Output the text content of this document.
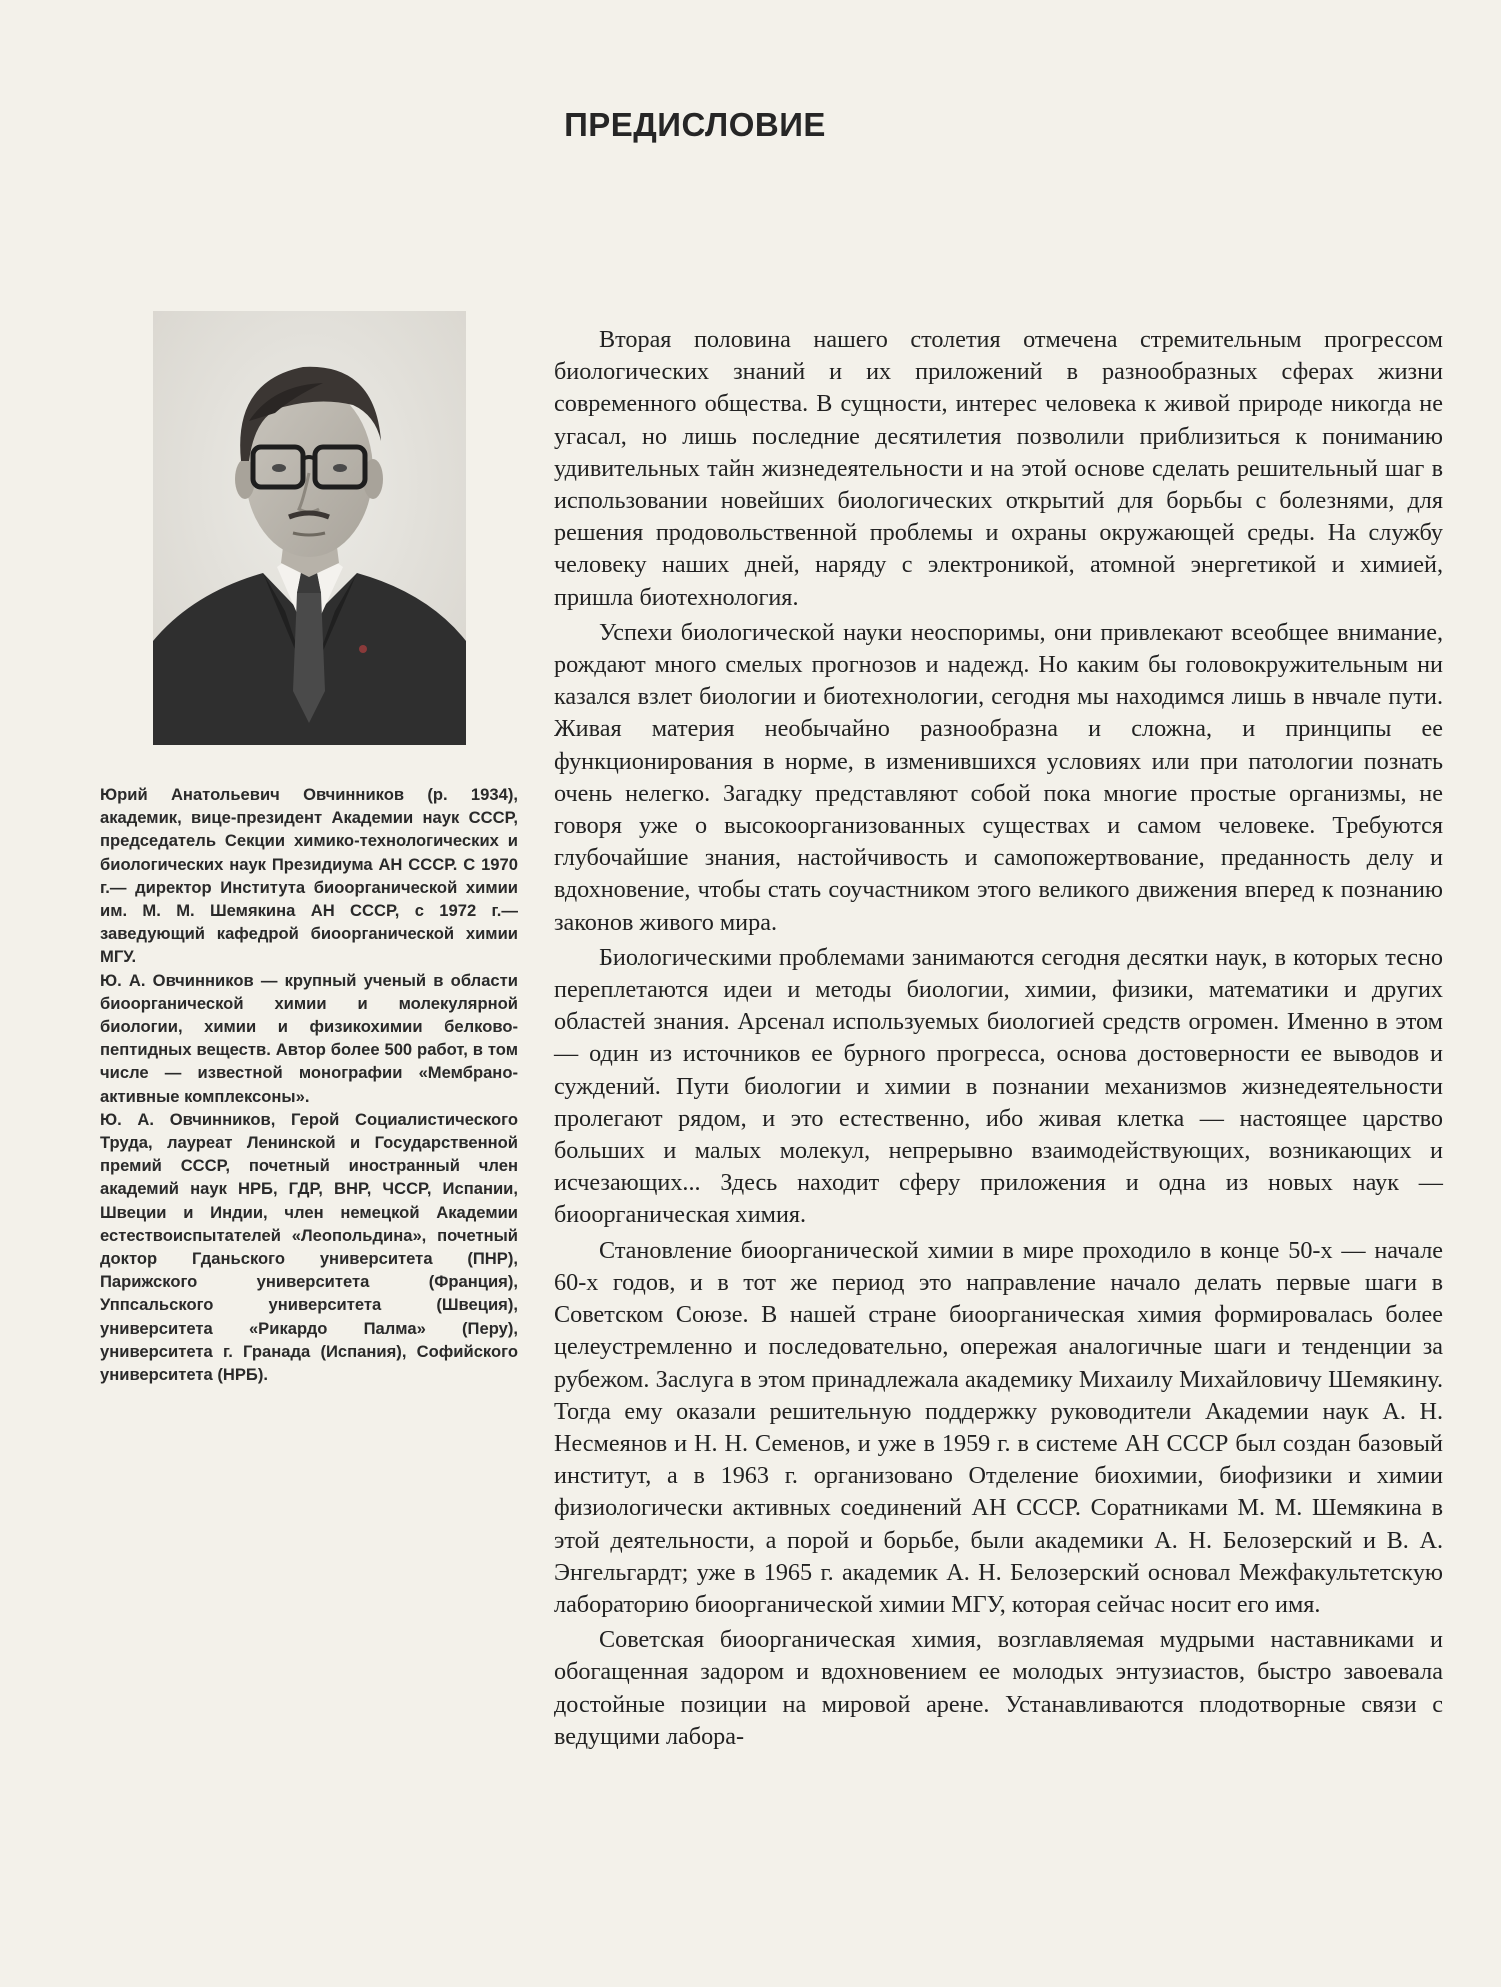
ПРЕДИСЛОВИЕ

Юрий Анатольевич Овчинников (р. 1934), академик, вице-президент Академии наук СССР, председатель Секции химико-технологических и биологических наук Президиума АН СССР. С 1970 г.— директор Института биоорганической химии им. М. М. Шемякина АН СССР, с 1972 г.— заведующий кафедрой биоорганической химии МГУ.

Ю. А. Овчинников — крупный ученый в области биоорганической химии и молекулярной биологии, химии и физикохимии белково-пептидных веществ. Автор более 500 работ, в том числе — известной монографии «Мембрано-активные комплексоны».

Ю. А. Овчинников, Герой Социалистического Труда, лауреат Ленинской и Государственной премий СССР, почетный иностранный член академий наук НРБ, ГДР, ВНР, ЧССР, Испании, Швеции и Индии, член немецкой Академии естествоиспытателей «Леопольдина», почетный доктор Гданьского университета (ПНР), Парижского университета (Франция), Уппсальского университета (Швеция), университета «Рикардо Палма» (Перу), университета г. Гранада (Испания), Софийского университета (НРБ).

Вторая половина нашего столетия отмечена стремительным прогрессом биологических знаний и их приложений в разнообразных сферах жизни современного общества. В сущности, интерес человека к живой природе никогда не угасал, но лишь последние десятилетия позволили приблизиться к пониманию удивительных тайн жизнедеятельности и на этой основе сделать решительный шаг в использовании новейших биологических открытий для борьбы с болезнями, для решения продовольственной проблемы и охраны окружающей среды. На службу человеку наших дней, наряду с электроникой, атомной энергетикой и химией, пришла биотехнология.

Успехи биологической науки неоспоримы, они привлекают всеобщее внимание, рождают много смелых прогнозов и надежд. Но каким бы головокружительным ни казался взлет биологии и биотехнологии, сегодня мы находимся лишь в нвчале пути. Живая материя необычайно разнообразна и сложна, и принципы ее функционирования в норме, в изменившихся условиях или при патологии познать очень нелегко. Загадку представляют собой пока многие простые организмы, не говоря уже о высокоорганизованных существах и самом человеке. Требуются глубочайшие знания, настойчивость и самопожертвование, преданность делу и вдохновение, чтобы стать соучастником этого великого движения вперед к познанию законов живого мира.

Биологическими проблемами занимаются сегодня десятки наук, в которых тесно переплетаются идеи и методы биологии, химии, физики, математики и других областей знания. Арсенал используемых биологией средств огромен. Именно в этом — один из источников ее бурного прогресса, основа достоверности ее выводов и суждений. Пути биологии и химии в познании механизмов жизнедеятельности пролегают рядом, и это естественно, ибо живая клетка — настоящее царство больших и малых молекул, непрерывно взаимодействующих, возникающих и исчезающих... Здесь находит сферу приложения и одна из новых наук — биоорганическая химия.

Становление биоорганической химии в мире проходило в конце 50-х — начале 60-х годов, и в тот же период это направление начало делать первые шаги в Советском Союзе. В нашей стране биоорганическая химия формировалась более целеустремленно и последовательно, опережая аналогичные шаги и тенденции за рубежом. Заслуга в этом принадлежала академику Михаилу Михайловичу Шемякину. Тогда ему оказали решительную поддержку руководители Академии наук А. Н. Несмеянов и Н. Н. Семенов, и уже в 1959 г. в системе АН СССР был создан базовый институт, а в 1963 г. организовано Отделение биохимии, биофизики и химии физиологически активных соединений АН СССР. Соратниками М. М. Шемякина в этой деятельности, а порой и борьбе, были академики А. Н. Белозерский и В. А. Энгельгардт; уже в 1965 г. академик А. Н. Белозерский основал Межфакультетскую лабораторию биоорганической химии МГУ, которая сейчас носит его имя.

Советская биоорганическая химия, возглавляемая мудрыми наставниками и обогащенная задором и вдохновением ее молодых энтузиастов, быстро завоевала достойные позиции на мировой арене. Устанавливаются плодотворные связи с ведущими лабора-
